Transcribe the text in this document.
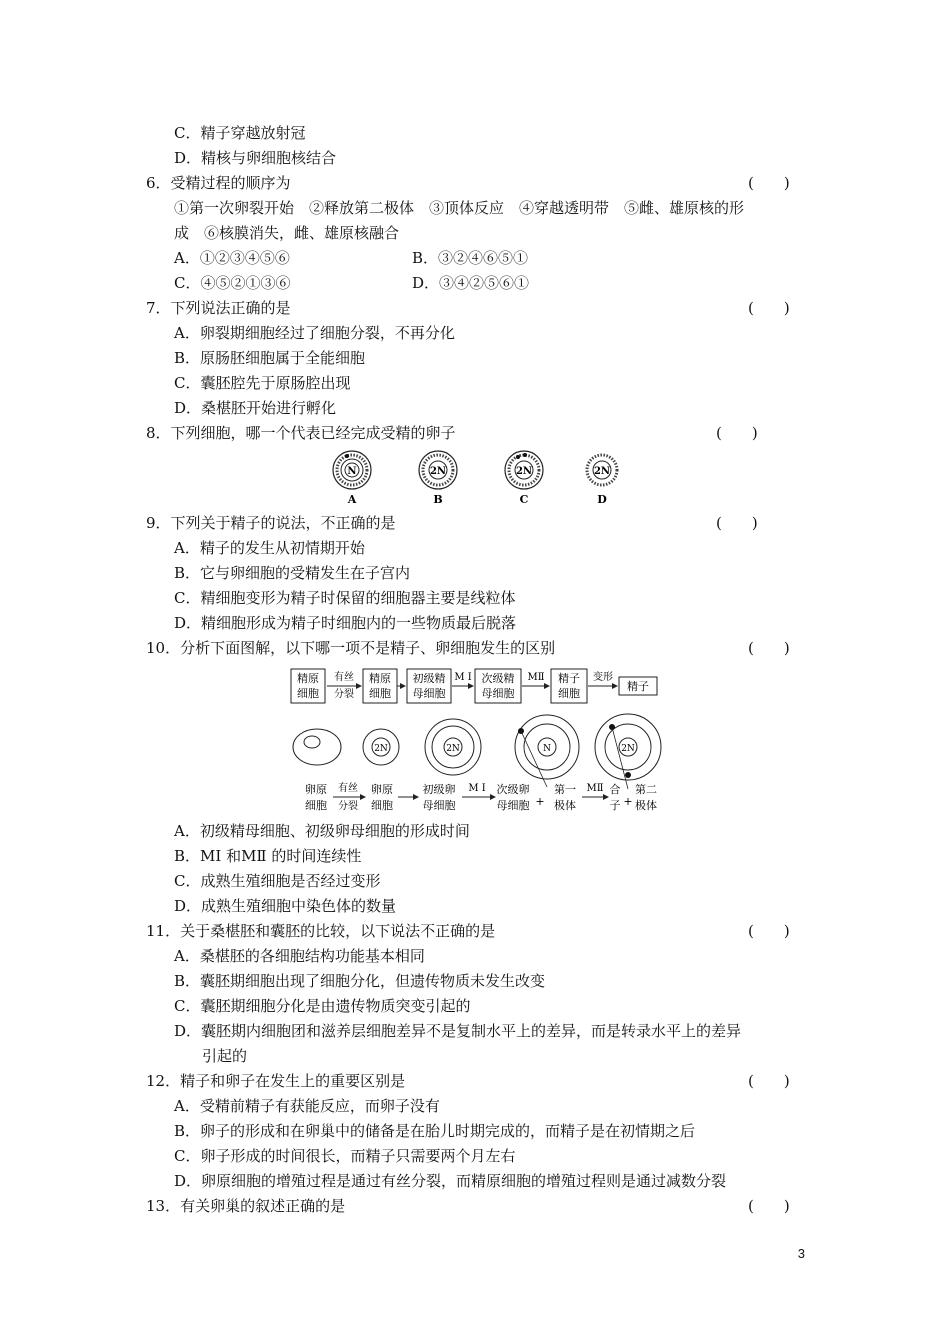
C．精子穿越放射冠
D．精核与卵细胞核结合
6．受精过程的顺序为	(　　)
①第一次卵裂开始　②释放第二极体　③顶体反应　④穿越透明带　⑤雌、雄原核的形
成　⑥核膜消失，雌、雄原核融合
A．①②③④⑤⑥	B．③②④⑥⑤①
C．④⑤②①③⑥	D．③④②⑤⑥①
7．下列说法正确的是	(　　)
A．卵裂期细胞经过了细胞分裂，不再分化
B．原肠胚细胞属于全能细胞
C．囊胚腔先于原肠腔出现
D．桑椹胚开始进行孵化
8．下列细胞，哪一个代表已经完成受精的卵子	(　　)
N
A
2N
B
2N
C
2N
D
9．下列关于精子的说法，不正确的是	(　　)
A．精子的发生从初情期开始
B．它与卵细胞的受精发生在子宫内
C．精细胞变形为精子时保留的细胞器主要是线粒体
D．精细胞形成为精子时细胞内的一些物质最后脱落
10．分析下面图解，以下哪一项不是精子、卵细胞发生的区别	(　　)
精原
细胞
有丝
分裂
精原
细胞
初级精
母细胞
M Ⅰ 次级精
母细胞
MⅡ 精子
细胞
变形
精子
2N	2N	N	2N
卵原
细胞
有丝
分裂
卵原
细胞
初级卵
母细胞
M Ⅰ 次级卵
母细胞 +
第一
极体
MⅡ 合
子 +
第二
极体
A．初级精母细胞、初级卵母细胞的形成时间
B．MⅠ 和MⅡ 的时间连续性
C．成熟生殖细胞是否经过变形
D．成熟生殖细胞中染色体的数量
11．关于桑椹胚和囊胚的比较，以下说法不正确的是	(　　)
A．桑椹胚的各细胞结构功能基本相同
B．囊胚期细胞出现了细胞分化，但遗传物质未发生改变
C．囊胚期细胞分化是由遗传物质突变引起的
D．囊胚期内细胞团和滋养层细胞差异不是复制水平上的差异，而是转录水平上的差异
引起的
12．精子和卵子在发生上的重要区别是	(　　)
A．受精前精子有获能反应，而卵子没有
B．卵子的形成和在卵巢中的储备是在胎儿时期完成的，而精子是在初情期之后
C．卵子形成的时间很长，而精子只需要两个月左右
D．卵原细胞的增殖过程是通过有丝分裂，而精原细胞的增殖过程则是通过减数分裂
13．有关卵巢的叙述正确的是	(　　)
3
